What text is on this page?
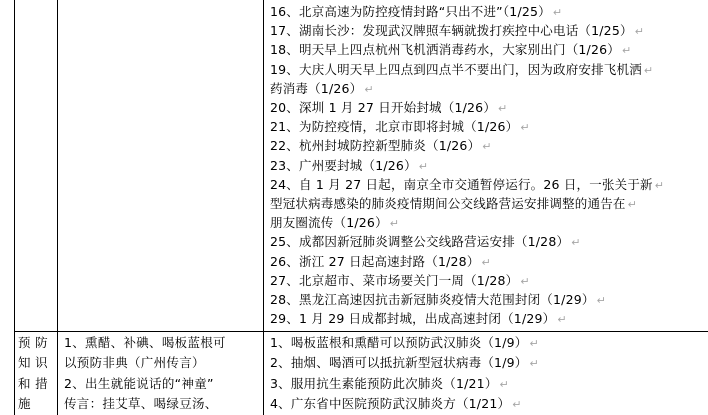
16、北京高速为防控疫情封路“只出不进”（1/25） ↵
17、湖南长沙：发现武汉牌照车辆就拨打疾控中心电话（1/25） ↵
18、明天早上四点杭州飞机洒消毒药水，大家别出门（1/26） ↵
19、大庆人明天早上四点到四点半不要出门，因为政府安排飞机洒 ↵
药消毒（1/26） ↵
20、深圳 1 月 27 日开始封城（1/26） ↵
21、为防控疫情，北京市即将封城（1/26） ↵
22、杭州封城防控新型肺炎（1/26） ↵
23、广州要封城（1/26） ↵
24、自 1 月 27 日起，南京全市交通暂停运行。26 日，一张关于新 ↵
型冠状病毒感染的肺炎疫情期间公交线路营运安排调整的通告在 ↵
朋友圈流传（1/26） ↵
25、成都因新冠肺炎调整公交线路营运安排（1/28） ↵
26、浙江 27 日起高速封路（1/28） ↵
27、北京超市、菜市场要关门一周（1/28） ↵
28、黑龙江高速因抗击新冠肺炎疫情大范围封闭（1/29） ↵
29、1 月 29 日成都封城，出成高速封闭（1/29） ↵
预 防
知 识
和 措
施
1、熏醋、补碘、喝板蓝根可
以预防非典（广州传言）
2、出生就能说话的“神童”
传言：挂艾草、喝绿豆汤、
1、喝板蓝根和熏醋可以预防武汉肺炎（1/9） ↵
2、抽烟、喝酒可以抵抗新型冠状病毒（1/9） ↵
3、服用抗生素能预防此次肺炎（1/21） ↵
4、广东省中医院预防武汉肺炎方（1/21） ↵
